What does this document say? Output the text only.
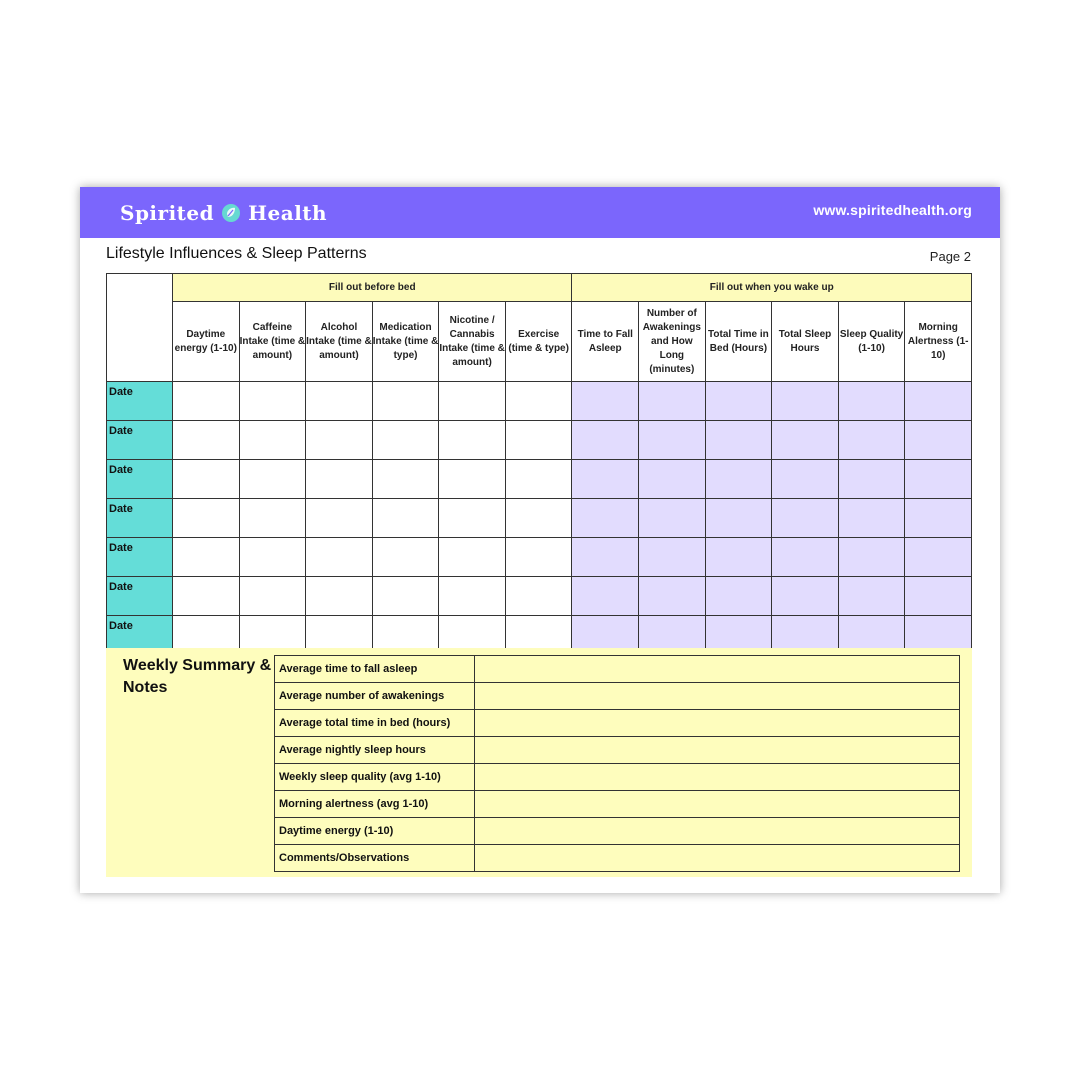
Spirited Health	www.spiritedhealth.org
Lifestyle Influences & Sleep Patterns	Page 2
	Fill out before bed						Fill out when you wake up					
	Daytime energy (1-10)	Caffeine Intake (time & amount)	Alcohol Intake (time & amount)	Medication Intake (time & type)	Nicotine / Cannabis Intake (time & amount)	Exercise (time & type)	Time to Fall Asleep	Number of Awakenings and How Long (minutes)	Total Time in Bed (Hours)	Total Sleep Hours	Sleep Quality (1-10)	Morning Alertness (1-10)
Date												
Date												
Date												
Date												
Date												
Date												
Date												
Weekly Summary & Notes
Average time to fall asleep	
Average number of awakenings	
Average total time in bed (hours)	
Average nightly sleep hours	
Weekly sleep quality (avg 1-10)	
Morning alertness (avg 1-10)	
Daytime energy (1-10)	
Comments/Observations	
